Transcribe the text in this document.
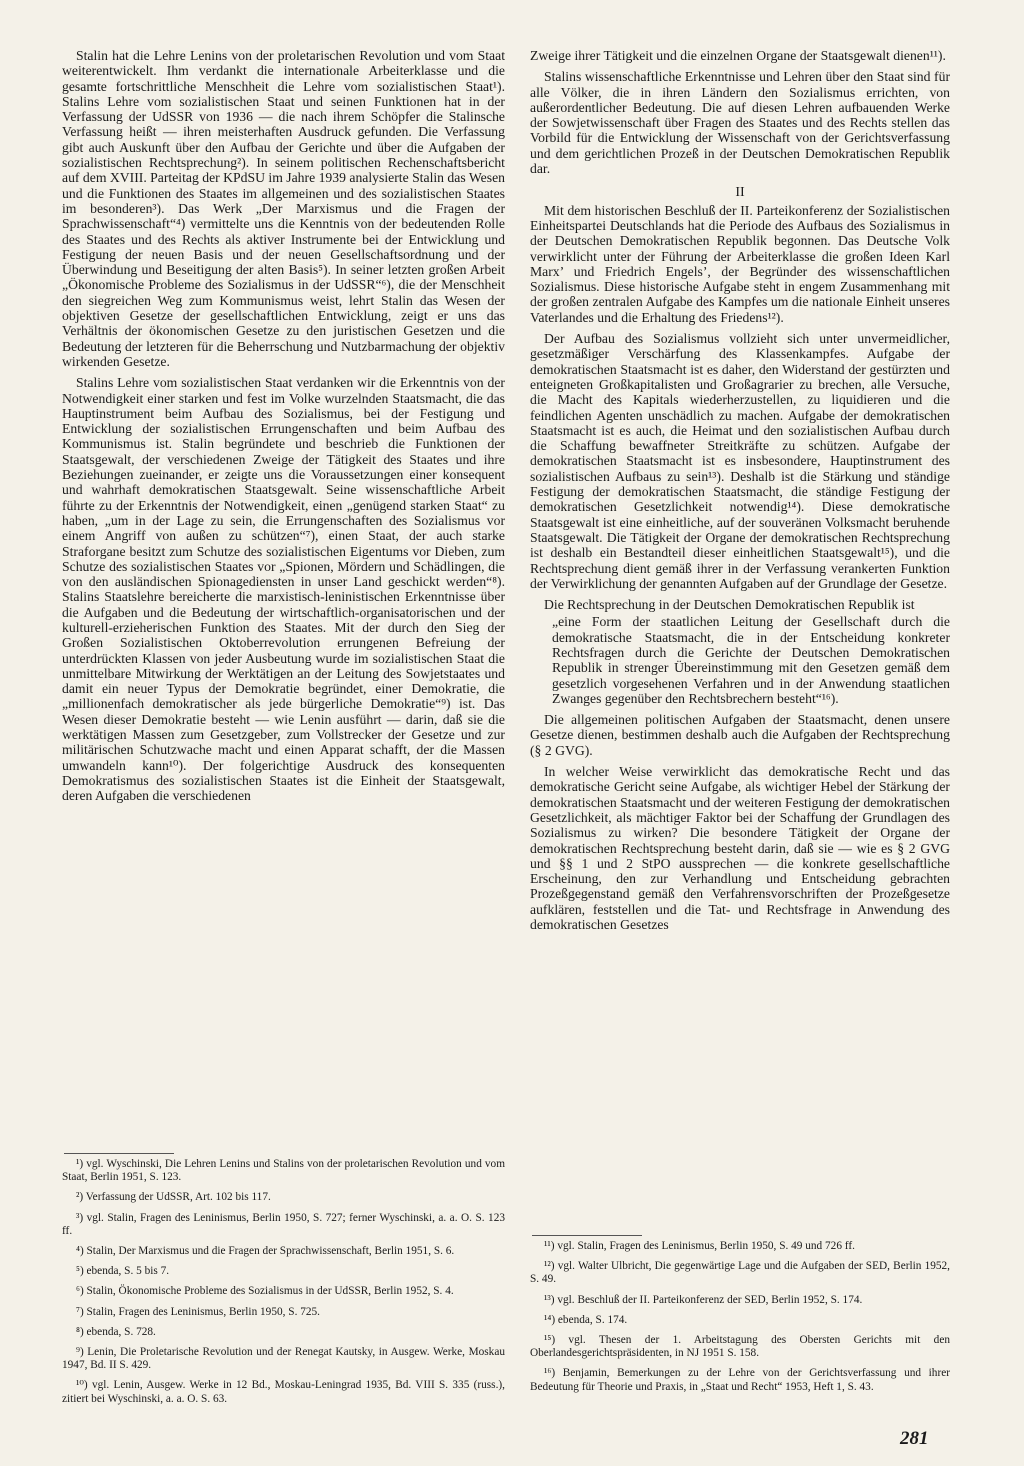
Stalin hat die Lehre Lenins von der proletarischen Revolution und vom Staat weiterentwickelt. Ihm verdankt die internationale Arbeiterklasse und die gesamte fortschrittliche Menschheit die Lehre vom sozialistischen Staat¹). Stalins Lehre vom sozialistischen Staat und seinen Funktionen hat in der Verfassung der UdSSR von 1936 — die nach ihrem Schöpfer die Stalinsche Verfassung heißt — ihren meisterhaften Ausdruck gefunden. Die Verfassung gibt auch Auskunft über den Aufbau der Gerichte und über die Aufgaben der sozialistischen Rechtsprechung²). In seinem politischen Rechenschaftsbericht auf dem XVIII. Parteitag der KPdSU im Jahre 1939 analysierte Stalin das Wesen und die Funktionen des Staates im allgemeinen und des sozialistischen Staates im besonderen³). Das Werk „Der Marxismus und die Fragen der Sprachwissenschaft“⁴) vermittelte uns die Kenntnis von der bedeutenden Rolle des Staates und des Rechts als aktiver Instrumente bei der Entwicklung und Festigung der neuen Basis und der neuen Gesellschaftsordnung und der Überwindung und Beseitigung der alten Basis⁵). In seiner letzten großen Arbeit „Ökonomische Probleme des Sozialismus in der UdSSR“⁶), die der Menschheit den siegreichen Weg zum Kommunismus weist, lehrt Stalin das Wesen der objektiven Gesetze der gesellschaftlichen Entwicklung, zeigt er uns das Verhältnis der ökonomischen Gesetze zu den juristischen Gesetzen und die Bedeutung der letzteren für die Beherrschung und Nutzbarmachung der objektiv wirkenden Gesetze.

Stalins Lehre vom sozialistischen Staat verdanken wir die Erkenntnis von der Notwendigkeit einer starken und fest im Volke wurzelnden Staatsmacht, die das Hauptinstrument beim Aufbau des Sozialismus, bei der Festigung und Entwicklung der sozialistischen Errungenschaften und beim Aufbau des Kommunismus ist. Stalin begründete und beschrieb die Funktionen der Staatsgewalt, der verschiedenen Zweige der Tätigkeit des Staates und ihre Beziehungen zueinander, er zeigte uns die Voraussetzungen einer konsequent und wahrhaft demokratischen Staatsgewalt. Seine wissenschaftliche Arbeit führte zu der Erkenntnis der Notwendigkeit, einen „genügend starken Staat“ zu haben, „um in der Lage zu sein, die Errungenschaften des Sozialismus vor einem Angriff von außen zu schützen“⁷), einen Staat, der auch starke Straforgane besitzt zum Schutze des sozialistischen Eigentums vor Dieben, zum Schutze des sozialistischen Staates vor „Spionen, Mördern und Schädlingen, die von den ausländischen Spionagediensten in unser Land geschickt werden“⁸). Stalins Staatslehre bereicherte die marxistisch-leninistischen Erkenntnisse über die Aufgaben und die Bedeutung der wirtschaftlich-organisatorischen und der kulturell-erzieherischen Funktion des Staates. Mit der durch den Sieg der Großen Sozialistischen Oktoberrevolution errungenen Befreiung der unterdrückten Klassen von jeder Ausbeutung wurde im sozialistischen Staat die unmittelbare Mitwirkung der Werktätigen an der Leitung des Sowjetstaates und damit ein neuer Typus der Demokratie begründet, einer Demokratie, die „millionenfach demokratischer als jede bürgerliche Demokratie“⁹) ist. Das Wesen dieser Demokratie besteht — wie Lenin ausführt — darin, daß sie die werktätigen Massen zum Gesetzgeber, zum Vollstrecker der Gesetze und zur militärischen Schutzwache macht und einen Apparat schafft, der die Massen umwandeln kann¹⁰). Der folgerichtige Ausdruck des konsequenten Demokratismus des sozialistischen Staates ist die Einheit der Staatsgewalt, deren Aufgaben die verschiedenen

¹) vgl. Wyschinski, Die Lehren Lenins und Stalins von der proletarischen Revolution und vom Staat, Berlin 1951, S. 123.

²) Verfassung der UdSSR, Art. 102 bis 117.

³) vgl. Stalin, Fragen des Leninismus, Berlin 1950, S. 727; ferner Wyschinski, a. a. O. S. 123 ff.

⁴) Stalin, Der Marxismus und die Fragen der Sprachwissenschaft, Berlin 1951, S. 6.

⁵) ebenda, S. 5 bis 7.

⁶) Stalin, Ökonomische Probleme des Sozialismus in der UdSSR, Berlin 1952, S. 4.

⁷) Stalin, Fragen des Leninismus, Berlin 1950, S. 725.

⁸) ebenda, S. 728.

⁹) Lenin, Die Proletarische Revolution und der Renegat Kautsky, in Ausgew. Werke, Moskau 1947, Bd. II S. 429.

¹⁰) vgl. Lenin, Ausgew. Werke in 12 Bd., Moskau-Leningrad 1935, Bd. VIII S. 335 (russ.), zitiert bei Wyschinski, a. a. O. S. 63.

Zweige ihrer Tätigkeit und die einzelnen Organe der Staatsgewalt dienen¹¹).

Stalins wissenschaftliche Erkenntnisse und Lehren über den Staat sind für alle Völker, die in ihren Ländern den Sozialismus errichten, von außerordentlicher Bedeutung. Die auf diesen Lehren aufbauenden Werke der Sowjetwissenschaft über Fragen des Staates und des Rechts stellen das Vorbild für die Entwicklung der Wissenschaft von der Gerichtsverfassung und dem gerichtlichen Prozeß in der Deutschen Demokratischen Republik dar.

II

Mit dem historischen Beschluß der II. Parteikonferenz der Sozialistischen Einheitspartei Deutschlands hat die Periode des Aufbaus des Sozialismus in der Deutschen Demokratischen Republik begonnen. Das Deutsche Volk verwirklicht unter der Führung der Arbeiterklasse die großen Ideen Karl Marx’ und Friedrich Engels’, der Begründer des wissenschaftlichen Sozialismus. Diese historische Aufgabe steht in engem Zusammenhang mit der großen zentralen Aufgabe des Kampfes um die nationale Einheit unseres Vaterlandes und die Erhaltung des Friedens¹²).

Der Aufbau des Sozialismus vollzieht sich unter unvermeidlicher, gesetzmäßiger Verschärfung des Klassenkampfes. Aufgabe der demokratischen Staatsmacht ist es daher, den Widerstand der gestürzten und enteigneten Großkapitalisten und Großagrarier zu brechen, alle Versuche, die Macht des Kapitals wiederherzustellen, zu liquidieren und die feindlichen Agenten unschädlich zu machen. Aufgabe der demokratischen Staatsmacht ist es auch, die Heimat und den sozialistischen Aufbau durch die Schaffung bewaffneter Streitkräfte zu schützen. Aufgabe der demokratischen Staatsmacht ist es insbesondere, Hauptinstrument des sozialistischen Aufbaus zu sein¹³). Deshalb ist die Stärkung und ständige Festigung der demokratischen Staatsmacht, die ständige Festigung der demokratischen Gesetzlichkeit notwendig¹⁴). Diese demokratische Staatsgewalt ist eine einheitliche, auf der souveränen Volksmacht beruhende Staatsgewalt. Die Tätigkeit der Organe der demokratischen Rechtsprechung ist deshalb ein Bestandteil dieser einheitlichen Staatsgewalt¹⁵), und die Rechtsprechung dient gemäß ihrer in der Verfassung verankerten Funktion der Verwirklichung der genannten Aufgaben auf der Grundlage der Gesetze.

Die Rechtsprechung in der Deutschen Demokratischen Republik ist

„eine Form der staatlichen Leitung der Gesellschaft durch die demokratische Staatsmacht, die in der Entscheidung konkreter Rechtsfragen durch die Gerichte der Deutschen Demokratischen Republik in strenger Übereinstimmung mit den Gesetzen gemäß dem gesetzlich vorgesehenen Verfahren und in der Anwendung staatlichen Zwanges gegenüber den Rechtsbrechern besteht“¹⁶).

Die allgemeinen politischen Aufgaben der Staatsmacht, denen unsere Gesetze dienen, bestimmen deshalb auch die Aufgaben der Rechtsprechung (§ 2 GVG).

In welcher Weise verwirklicht das demokratische Recht und das demokratische Gericht seine Aufgabe, als wichtiger Hebel der Stärkung der demokratischen Staatsmacht und der weiteren Festigung der demokratischen Gesetzlichkeit, als mächtiger Faktor bei der Schaffung der Grundlagen des Sozialismus zu wirken? Die besondere Tätigkeit der Organe der demokratischen Rechtsprechung besteht darin, daß sie — wie es § 2 GVG und §§ 1 und 2 StPO aussprechen — die konkrete gesellschaftliche Erscheinung, den zur Verhandlung und Entscheidung gebrachten Prozeßgegenstand gemäß den Verfahrensvorschriften der Prozeßgesetze aufklären, feststellen und die Tat- und Rechtsfrage in Anwendung des demokratischen Gesetzes

¹¹) vgl. Stalin, Fragen des Leninismus, Berlin 1950, S. 49 und 726 ff.

¹²) vgl. Walter Ulbricht, Die gegenwärtige Lage und die Aufgaben der SED, Berlin 1952, S. 49.

¹³) vgl. Beschluß der II. Parteikonferenz der SED, Berlin 1952, S. 174.

¹⁴) ebenda, S. 174.

¹⁵) vgl. Thesen der 1. Arbeitstagung des Obersten Gerichts mit den Oberlandesgerichtspräsidenten, in NJ 1951 S. 158.

¹⁶) Benjamin, Bemerkungen zu der Lehre von der Gerichtsverfassung und ihrer Bedeutung für Theorie und Praxis, in „Staat und Recht“ 1953, Heft 1, S. 43.

281
